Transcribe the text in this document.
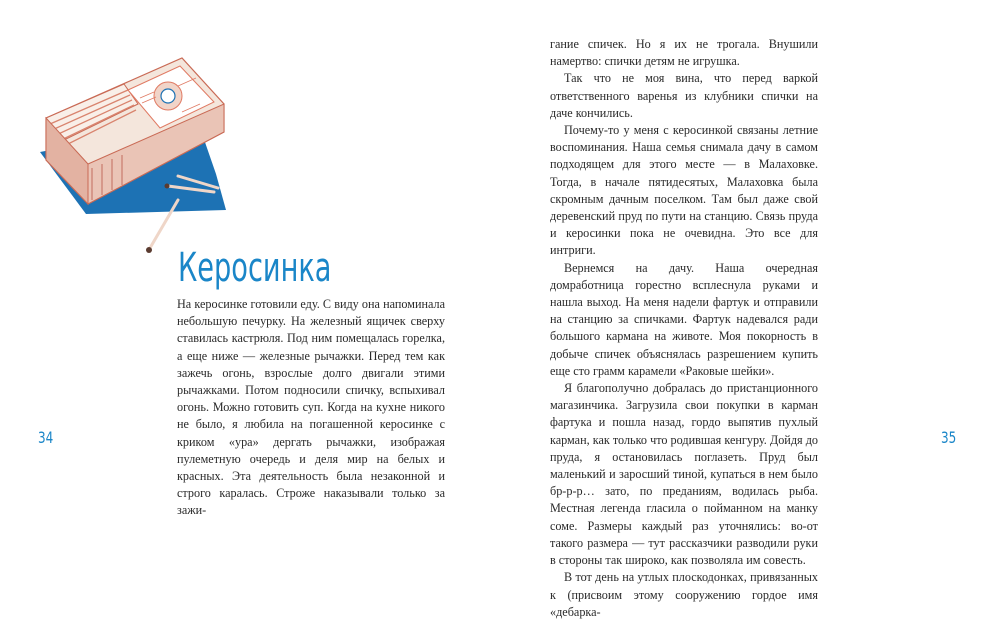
Керосинка

На керосинке готовили еду. С виду она напоминала небольшую печурку. На железный ящичек сверху ставилась кастрюля. Под ним помещалась горелка, а еще ниже — железные рычажки. Перед тем как зажечь огонь, взрослые долго двигали этими рычажками. Потом подносили спичку, вспыхивал огонь. Можно готовить суп. Когда на кухне никого не было, я любила на погашенной керосинке с криком «ура» дергать рычажки, изображая пулеметную очередь и деля мир на белых и красных. Эта деятельность была незаконной и строго каралась. Строже наказывали только за зажи-

34

гание спичек. Но я их не трогала. Внушили намертво: спички детям не игрушка.

Так что не моя вина, что перед варкой ответственного варенья из клубники спички на даче кончились.

Почему-то у меня с керосинкой связаны летние воспоминания. Наша семья снимала дачу в самом подходящем для этого месте — в Малаховке. Тогда, в начале пятидесятых, Малаховка была скромным дачным поселком. Там был даже свой деревенский пруд по пути на станцию. Связь пруда и керосинки пока не очевидна. Это все для интриги.

Вернемся на дачу. Наша очередная домработница горестно всплеснула руками и нашла выход. На меня надели фартук и отправили на станцию за спичками. Фартук надевался ради большого кармана на животе. Моя покорность в добыче спичек объяснялась разрешением купить еще сто грамм карамели «Раковые шейки».

Я благополучно добралась до пристанционного магазинчика. Загрузила свои покупки в карман фартука и пошла назад, гордо выпятив пухлый карман, как только что родившая кенгуру. Дойдя до пруда, я остановилась поглазеть. Пруд был маленький и заросший тиной, купаться в нем было бр-р-р… зато, по преданиям, водилась рыба. Местная легенда гласила о пойманном на манку соме. Размеры каждый раз уточнялись: во-от такого размера — тут рассказчики разводили руки в стороны так широко, как позволяла им совесть.

В тот день на утлых плоскодонках, привязанных к (присвоим этому сооружению гордое имя «дебарка-

35
